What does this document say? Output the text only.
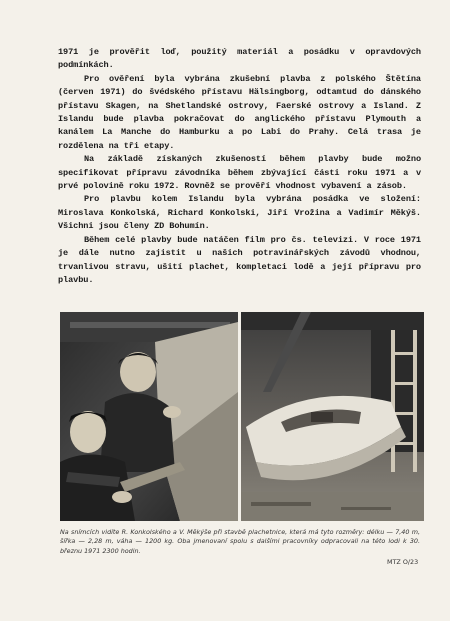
1971 je prověřit loď, použitý materiál a posádku v opravdových podmínkách.

Pro ověření byla vybrána zkušební plavba z polského Štětína (červen 1971) do švédského přístavu Hälsingborg, odtamtud do dánského přístavu Skagen, na Shetlandské ostrovy, Faerské ostrovy a Island. Z Islandu bude plavba pokračovat do anglického přístavu Plymouth a kanálem La Manche do Hamburku a po Labi do Prahy. Celá trasa je rozdělena na tři etapy.

Na základě získaných zkušeností během plavby bude možno specifikovat přípravu závodníka během zbývající části roku 1971 a v prvé polovině roku 1972. Rovněž se prověří vhodnost vybavení a zásob.

Pro plavbu kolem Islandu byla vybrána posádka ve složení: Miroslava Konkolská, Richard Konkolski, Jiří Vrožina a Vadimír Měkýš. Všichni jsou členy ZD Bohumín.

Během celé plavby bude natáčen film pro čs. televizi. V roce 1971 je dále nutno zajistit u našich potravinářských závodů vhodnou, trvanlivou stravu, ušití plachet, kompletaci lodě a její přípravu pro plavbu.

Na snímcích vidíte R. Konkolského a V. Měkýše při stavbě plachetnice, která má tyto rozměry: délku — 7,40 m, šířka — 2,28 m, váha — 1200 kg. Oba jmenovaní spolu s dalšími pracovníky odpracovali na této lodi k 30. březnu 1971 2300 hodin.

MTZ O/23
